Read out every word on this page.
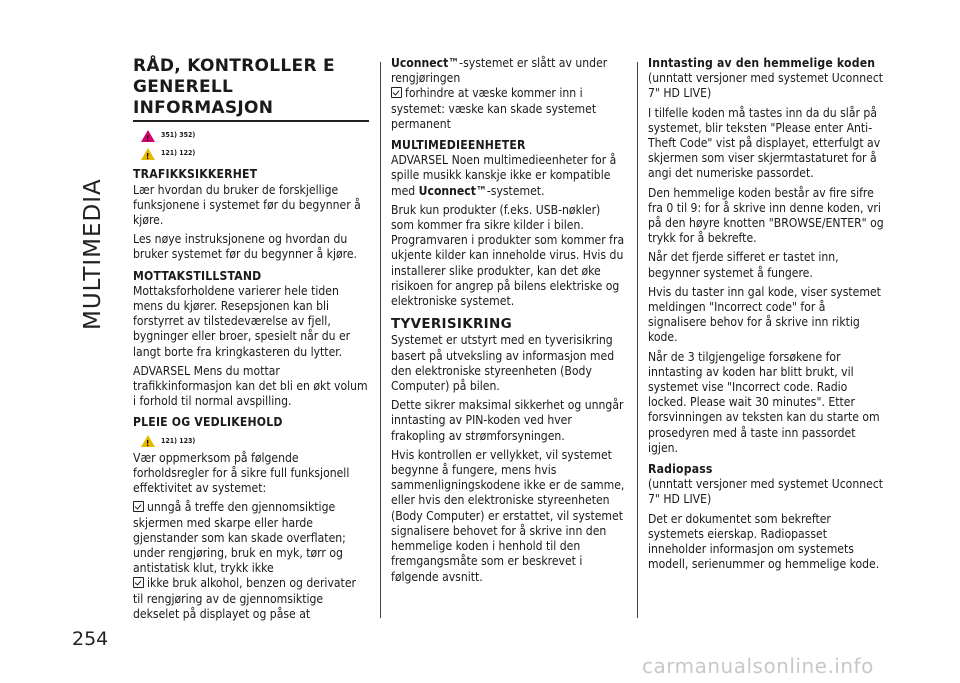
MULTIMEDIA
254
RÅD, KONTROLLER E
GENERELL INFORMASJON
!
351) 352)
!
121) 122)
TRAFIKKSIKKERHET

Lær hvordan du bruker de forskjellige funksjonene i systemet før du begynner å kjøre.

Les nøye instruksjonene og hvordan du bruker systemet før du begynner å kjøre.

MOTTAKSTILLSTAND

Mottaksforholdene varierer hele tiden mens du kjører. Resepsjonen kan bli forstyrret av tilstedeværelse av fjell, bygninger eller broer, spesielt når du er langt borte fra kringkasteren du lytter.

ADVARSEL Mens du mottar trafikkinformasjon kan det bli en økt volum i forhold til normal avspilling.

PLEIE OG VEDLIKEHOLD
!
121) 123)

Vær oppmerksom på følgende forholdsregler for å sikre full funksjonell effektivitet av systemet:

unngå å treffe den gjennomsiktige skjermen med skarpe eller harde gjenstander som kan skade overflaten; under rengjøring, bruk en myk, tørr og antistatisk klut, trykk ikke

ikke bruk alkohol, benzen og derivater til rengjøring av de gjennomsiktige dekselet på displayet og påse at

Uconnect™-systemet er slått av under rengjøringen

forhindre at væske kommer inn i systemet: væske kan skade systemet permanent

MULTIMEDIEENHETER

ADVARSEL Noen multimedieenheter for å spille musikk kanskje ikke er kompatible med Uconnect™-systemet.

Bruk kun produkter (f.eks. USB-nøkler) som kommer fra sikre kilder i bilen. Programvaren i produkter som kommer fra ukjente kilder kan inneholde virus. Hvis du installerer slike produkter, kan det øke risikoen for angrep på bilens elektriske og elektroniske systemet.

TYVERISIKRING

Systemet er utstyrt med en tyverisikring basert på utveksling av informasjon med den elektroniske styreenheten (Body Computer) på bilen.

Dette sikrer maksimal sikkerhet og unngår inntasting av PIN-koden ved hver frakopling av strømforsyningen.

Hvis kontrollen er vellykket, vil systemet begynne å fungere, mens hvis sammenligningskodene ikke er de samme, eller hvis den elektroniske styreenheten (Body Computer) er erstattet, vil systemet signalisere behovet for å skrive inn den hemmelige koden i henhold til den fremgangsmåte som er beskrevet i følgende avsnitt.

Inntasting av den hemmelige koden

(unntatt versjoner med systemet Uconnect 7" HD LIVE)

I tilfelle koden må tastes inn da du slår på systemet, blir teksten "Please enter Anti-Theft Code" vist på displayet, etterfulgt av skjermen som viser skjermtastaturet for å angi det numeriske passordet.

Den hemmelige koden består av fire sifre fra 0 til 9: for å skrive inn denne koden, vri på den høyre knotten "BROWSE/ENTER" og trykk for å bekrefte.

Når det fjerde sifferet er tastet inn, begynner systemet å fungere.

Hvis du taster inn gal kode, viser systemet meldingen "Incorrect code" for å signalisere behov for å skrive inn riktig kode.

Når de 3 tilgjengelige forsøkene for inntasting av koden har blitt brukt, vil systemet vise "Incorrect code. Radio locked. Please wait 30 minutes". Etter forsvinningen av teksten kan du starte om prosedyren med å taste inn passordet igjen.

Radiopass

(unntatt versjoner med systemet Uconnect 7" HD LIVE)

Det er dokumentet som bekrefter systemets eierskap. Radiopasset inneholder informasjon om systemets modell, serienummer og hemmelige kode.

carmanualsonline.info
